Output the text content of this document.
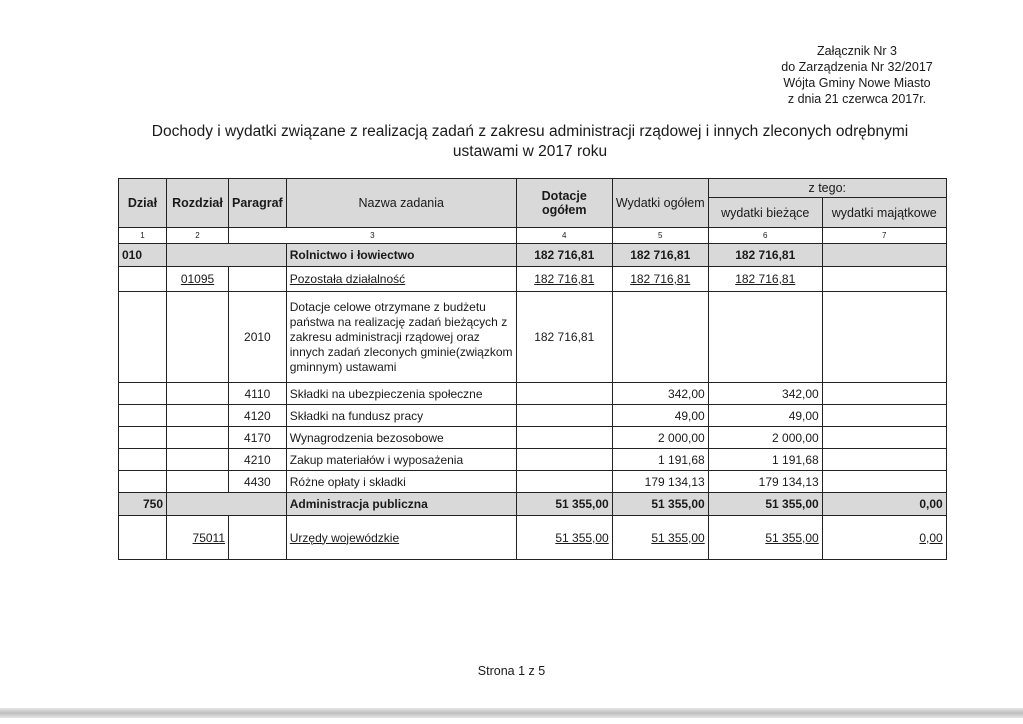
Załącznik Nr 3
do Zarządzenia Nr 32/2017
Wójta Gminy Nowe Miasto
z dnia 21 czerwca 2017r.
Dochody i wydatki związane z realizacją zadań z zakresu administracji rządowej i innych zleconych odrębnymi
ustawami w 2017 roku
Dział	Rozdział	Paragraf	Nazwa zadania	Dotacje ogółem	Wydatki ogółem	z tego:	
						wydatki bieżące	wydatki majątkowe
1	2	3		4	5	6	7
010			Rolnictwo i łowiectwo	182 716,81	182 716,81	182 716,81	
	01095		Pozostała działalność	182 716,81	182 716,81	182 716,81	
		2010	Dotacje celowe otrzymane z budżetu państwa na realizację zadań bieżących z zakresu administracji rządowej oraz innych zadań zleconych gminie(związkom gminnym) ustawami	182 716,81			
		4110	Składki na ubezpieczenia społeczne		342,00	342,00	
		4120	Składki na fundusz pracy		49,00	49,00	
		4170	Wynagrodzenia bezosobowe		2 000,00	2 000,00	
		4210	Zakup materiałów i wyposażenia		1 191,68	1 191,68	
		4430	Różne opłaty i składki		179 134,13	179 134,13	
750			Administracja publiczna	51 355,00	51 355,00	51 355,00	0,00
	75011		Urzędy wojewódzkie	51 355,00	51 355,00	51 355,00	0,00
Strona 1 z 5
